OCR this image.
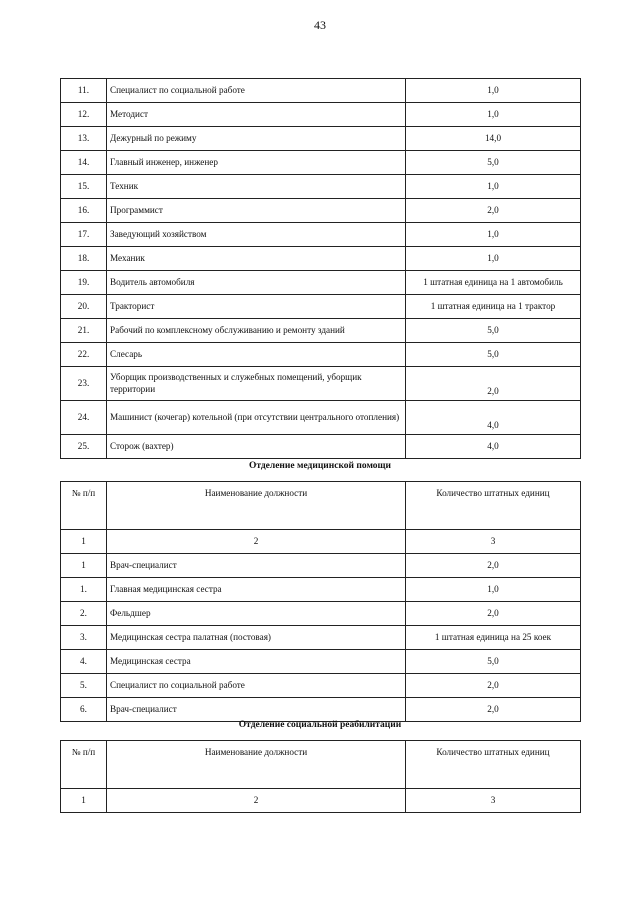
43
11.	Специалист по социальной работе	1,0
12.	Методист	1,0
13.	Дежурный по режиму	14,0
14.	Главный инженер, инженер	5,0
15.	Техник	1,0
16.	Программист	2,0
17.	Заведующий хозяйством	1,0
18.	Механик	1,0
19.	Водитель автомобиля	1 штатная единица на 1 автомобиль
20.	Тракторист	1 штатная единица на 1 трактор
21.	Рабочий по комплексному обслуживанию и ремонту зданий	5,0
22.	Слесарь	5,0
23.	Уборщик производственных и служебных помещений, уборщик территории	2,0
24.	Машинист (кочегар) котельной (при отсутствии центрального отопления)	4,0
25.	Сторож (вахтер)	4,0
Отделение медицинской помощи
№ п/п	Наименование должности	Количество штатных единиц
1	2	3
1	Врач-специалист	2,0
1.	Главная медицинская сестра	1,0
2.	Фельдшер	2,0
3.	Медицинская сестра палатная (постовая)	1 штатная единица на 25 коек
4.	Медицинская сестра	5,0
5.	Специалист по социальной работе	2,0
6.	Врач-специалист	2,0
Отделение социальной реабилитации
№ п/п	Наименование должности	Количество штатных единиц
1	2	3
